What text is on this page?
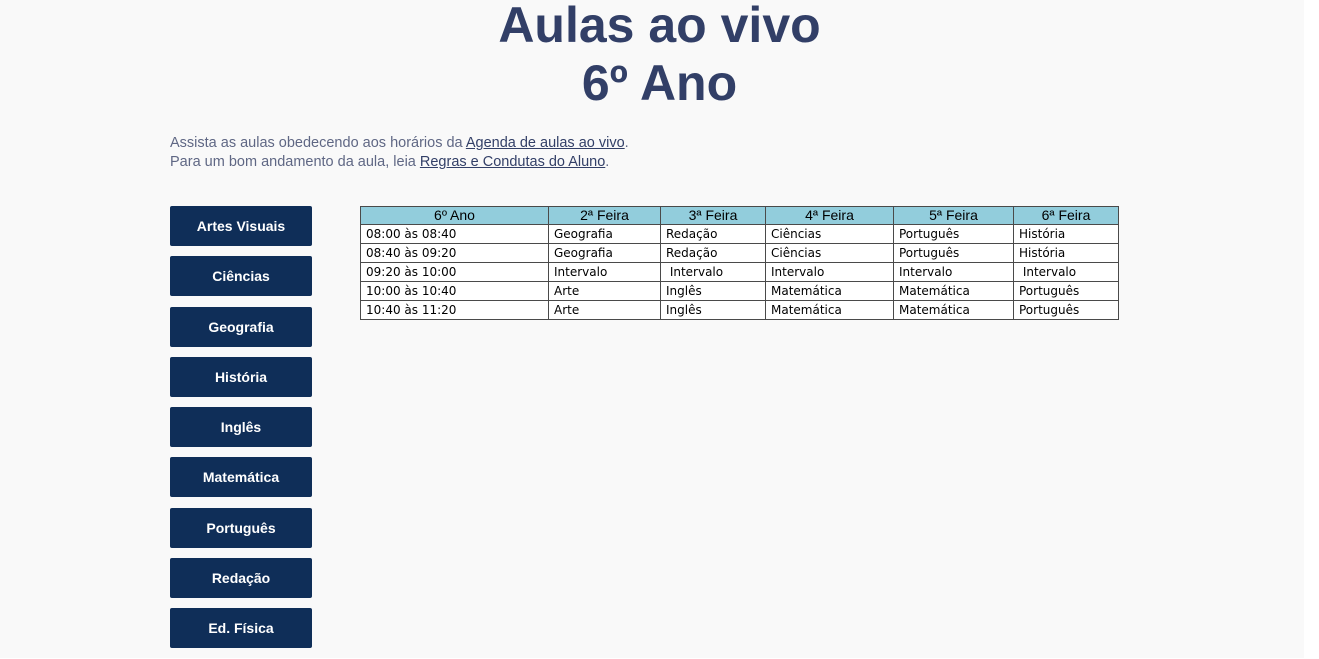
Aulas ao vivo
6º Ano

Assista as aulas obedecendo aos horários da Agenda de aulas ao vivo.

Para um bom andamento da aula, leia Regras e Condutas do Aluno.

Artes Visuais
Ciências
Geografia
História
Inglês
Matemática
Português
Redação
Ed. Física
6º Ano	2ª Feira	3ª Feira	4ª Feira	5ª Feira	6ª Feira
08:00 às 08:40	Geografia	Redação	Ciências	Português	História
08:40 às 09:20	Geografia	Redação	Ciências	Português	História
09:20 às 10:00	Intervalo	Intervalo	Intervalo	Intervalo	Intervalo
10:00 às 10:40	Arte	Inglês	Matemática	Matemática	Português
10:40 às 11:20	Arte	Inglês	Matemática	Matemática	Português
